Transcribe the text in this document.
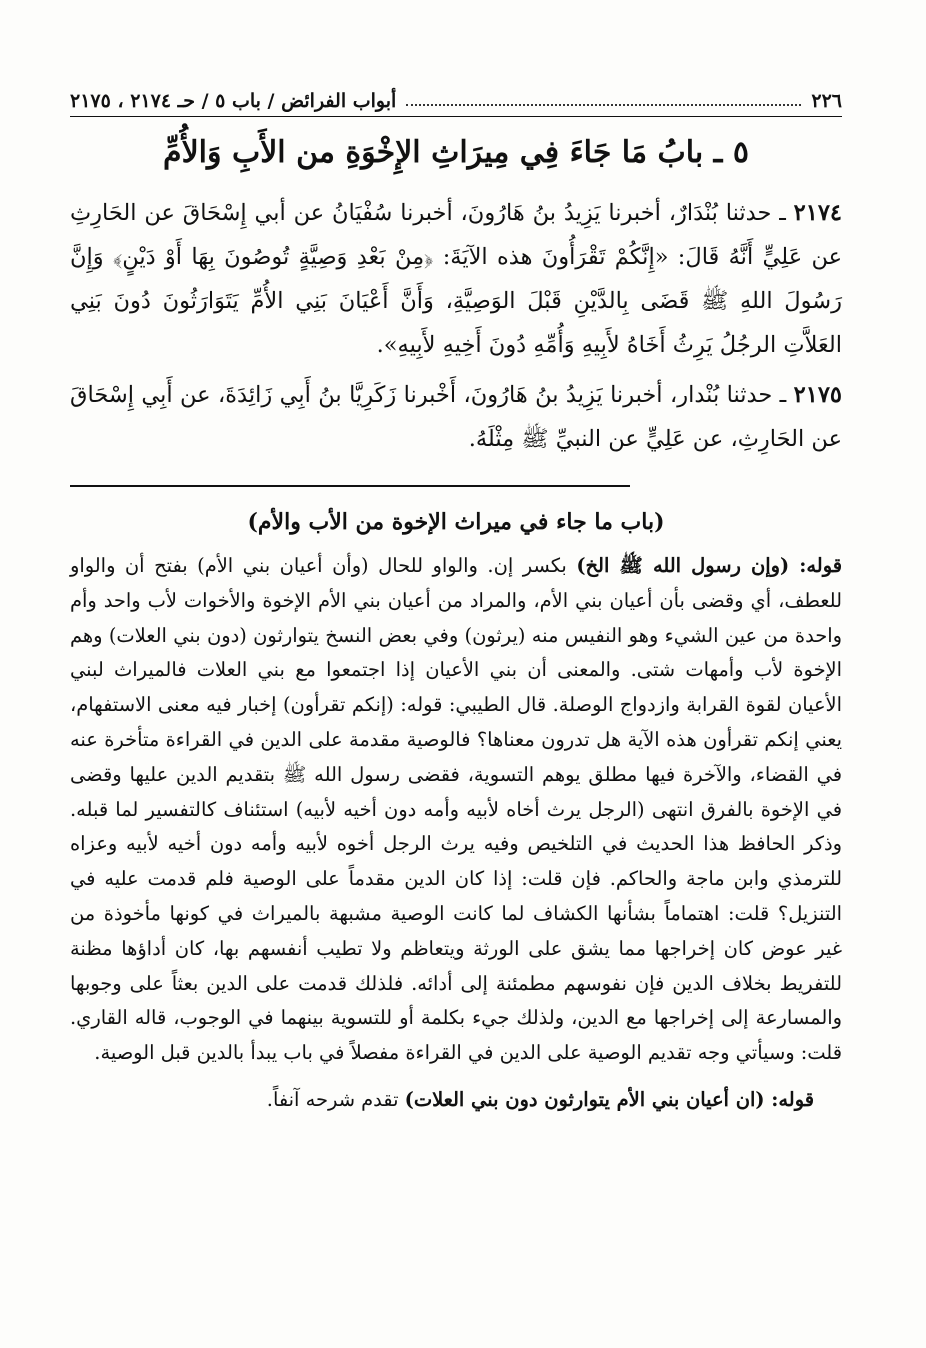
٢٢٦
أبواب الفرائض / باب ٥ / حـ ٢١٧٤ ، ٢١٧٥
٥ ـ بابُ مَا جَاءَ فِي مِيرَاثِ الإِخْوَةِ من الأَبِ وَالأُمِّ

٢١٧٤ ـ حدثنا بُنْدَارٌ، أخبرنا يَزِيدُ بنُ هَارُونَ، أخبرنا سُفْيَانُ عن أبي إِسْحَاقَ عن الحَارِثِ عن عَلِيٍّ أَنَّهُ قَالَ: «إِنَّكُمْ تَقْرَأُونَ هذه الآيَةَ: ﴿مِنْ بَعْدِ وَصِيَّةٍ تُوصُونَ بِهَا أَوْ دَيْنٍ﴾ وَإِنَّ رَسُولَ اللهِ ﷺ قَضَى بِالدَّيْنِ قَبْلَ الوَصِيَّةِ، وَأَنَّ أَعْيَانَ بَنِي الأُمِّ يَتَوَارَثُونَ دُونَ بَنِي العَلاَّتِ الرجُلُ يَرِثُ أَخَاهُ لأَبِيهِ وَأُمِّهِ دُونَ أَخِيهِ لأَبِيهِ».

٢١٧٥ ـ حدثنا بُنْدار، أخبرنا يَزِيدُ بنُ هَارُونَ، أَخْبرنا زَكَرِيَّا بنُ أَبِي زَائِدَةَ، عن أَبِي إِسْحَاقَ عن الحَارِثِ، عن عَلِيٍّ عن النبيِّ ﷺ مِثْلَهُ.

(باب ما جاء في ميراث الإخوة من الأب والأم)

قوله: (وإن رسول الله ﷺ الخ) بكسر إن. والواو للحال (وأن أعيان بني الأم) بفتح أن والواو للعطف، أي وقضى بأن أعيان بني الأم، والمراد من أعيان بني الأم الإخوة والأخوات لأب واحد وأم واحدة من عين الشيء وهو النفيس منه (يرثون) وفي بعض النسخ يتوارثون (دون بني العلات) وهم الإخوة لأب وأمهات شتى. والمعنى أن بني الأعيان إذا اجتمعوا مع بني العلات فالميراث لبني الأعيان لقوة القرابة وازدواج الوصلة. قال الطيبي: قوله: (إنكم تقرأون) إخبار فيه معنى الاستفهام، يعني إنكم تقرأون هذه الآية هل تدرون معناها؟ فالوصية مقدمة على الدين في القراءة متأخرة عنه في القضاء، والآخرة فيها مطلق يوهم التسوية، فقضى رسول الله ﷺ بتقديم الدين عليها وقضى في الإخوة بالفرق انتهى (الرجل يرث أخاه لأبيه وأمه دون أخيه لأبيه) استئناف كالتفسير لما قبله. وذكر الحافظ هذا الحديث في التلخيص وفيه يرث الرجل أخوه لأبيه وأمه دون أخيه لأبيه وعزاه للترمذي وابن ماجة والحاكم. فإن قلت: إذا كان الدين مقدماً على الوصية فلم قدمت عليه في التنزيل؟ قلت: اهتماماً بشأنها الكشاف لما كانت الوصية مشبهة بالميراث في كونها مأخوذة من غير عوض كان إخراجها مما يشق على الورثة ويتعاظم ولا تطيب أنفسهم بها، كان أداؤها مظنة للتفريط بخلاف الدين فإن نفوسهم مطمئنة إلى أدائه. فلذلك قدمت على الدين بعثاً على وجوبها والمسارعة إلى إخراجها مع الدين، ولذلك جيء بكلمة أو للتسوية بينهما في الوجوب، قاله القاري. قلت: وسيأتي وجه تقديم الوصية على الدين في القراءة مفصلاً في باب يبدأ بالدين قبل الوصية.

قوله: (ان أعيان بني الأم يتوارثون دون بني العلات) تقدم شرحه آنفاً.
